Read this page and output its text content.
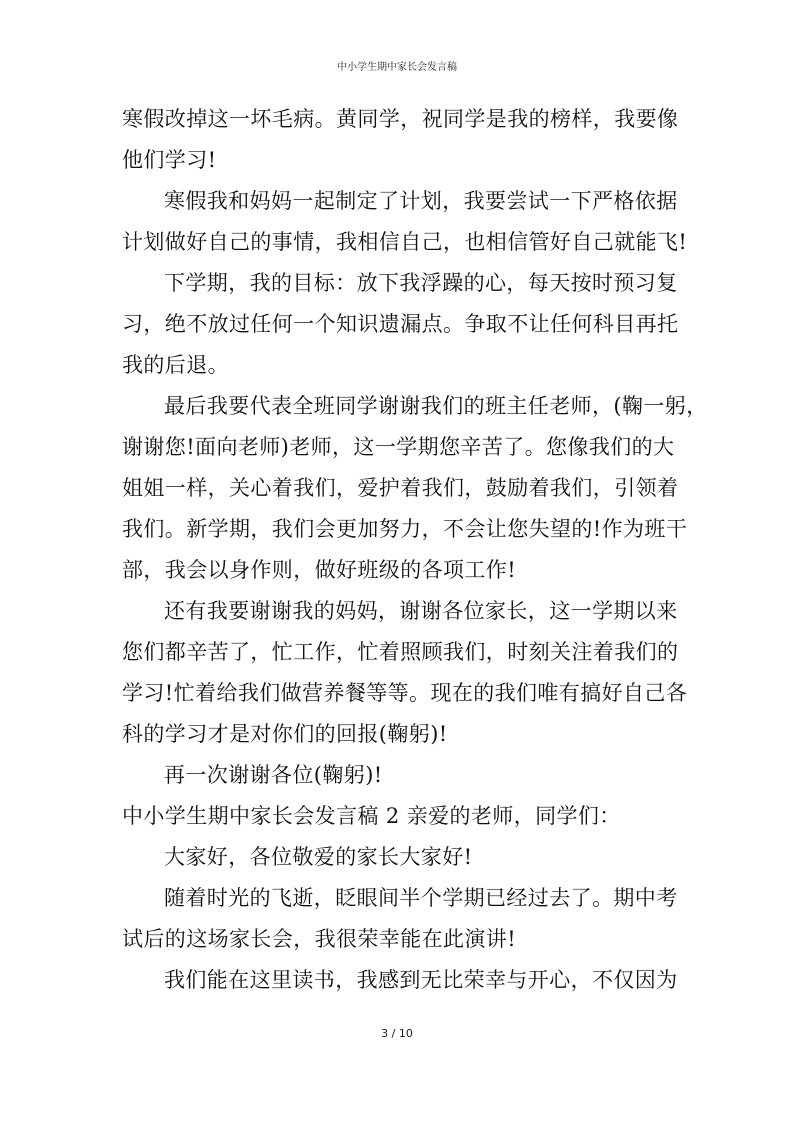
中小学生期中家长会发言稿
寒假改掉这一坏毛病。黄同学，祝同学是我的榜样，我要像
他们学习!
寒假我和妈妈一起制定了计划，我要尝试一下严格依据
计划做好自己的事情，我相信自己，也相信管好自己就能飞!
下学期，我的目标：放下我浮躁的心，每天按时预习复
习，绝不放过任何一个知识遗漏点。争取不让任何科目再托
我的后退。
最后我要代表全班同学谢谢我们的班主任老师，(鞠一躬，
谢谢您!面向老师)老师，这一学期您辛苦了。您像我们的大
姐姐一样，关心着我们，爱护着我们，鼓励着我们，引领着
我们。新学期，我们会更加努力，不会让您失望的!作为班干
部，我会以身作则，做好班级的各项工作!
还有我要谢谢我的妈妈，谢谢各位家长，这一学期以来
您们都辛苦了，忙工作，忙着照顾我们，时刻关注着我们的
学习!忙着给我们做营养餐等等。现在的我们唯有搞好自己各
科的学习才是对你们的回报(鞠躬)!
再一次谢谢各位(鞠躬)!
中小学生期中家长会发言稿 2 亲爱的老师，同学们：
大家好，各位敬爱的家长大家好!
随着时光的飞逝，眨眼间半个学期已经过去了。期中考
试后的这场家长会，我很荣幸能在此演讲!
我们能在这里读书，我感到无比荣幸与开心，不仅因为
3 / 10
